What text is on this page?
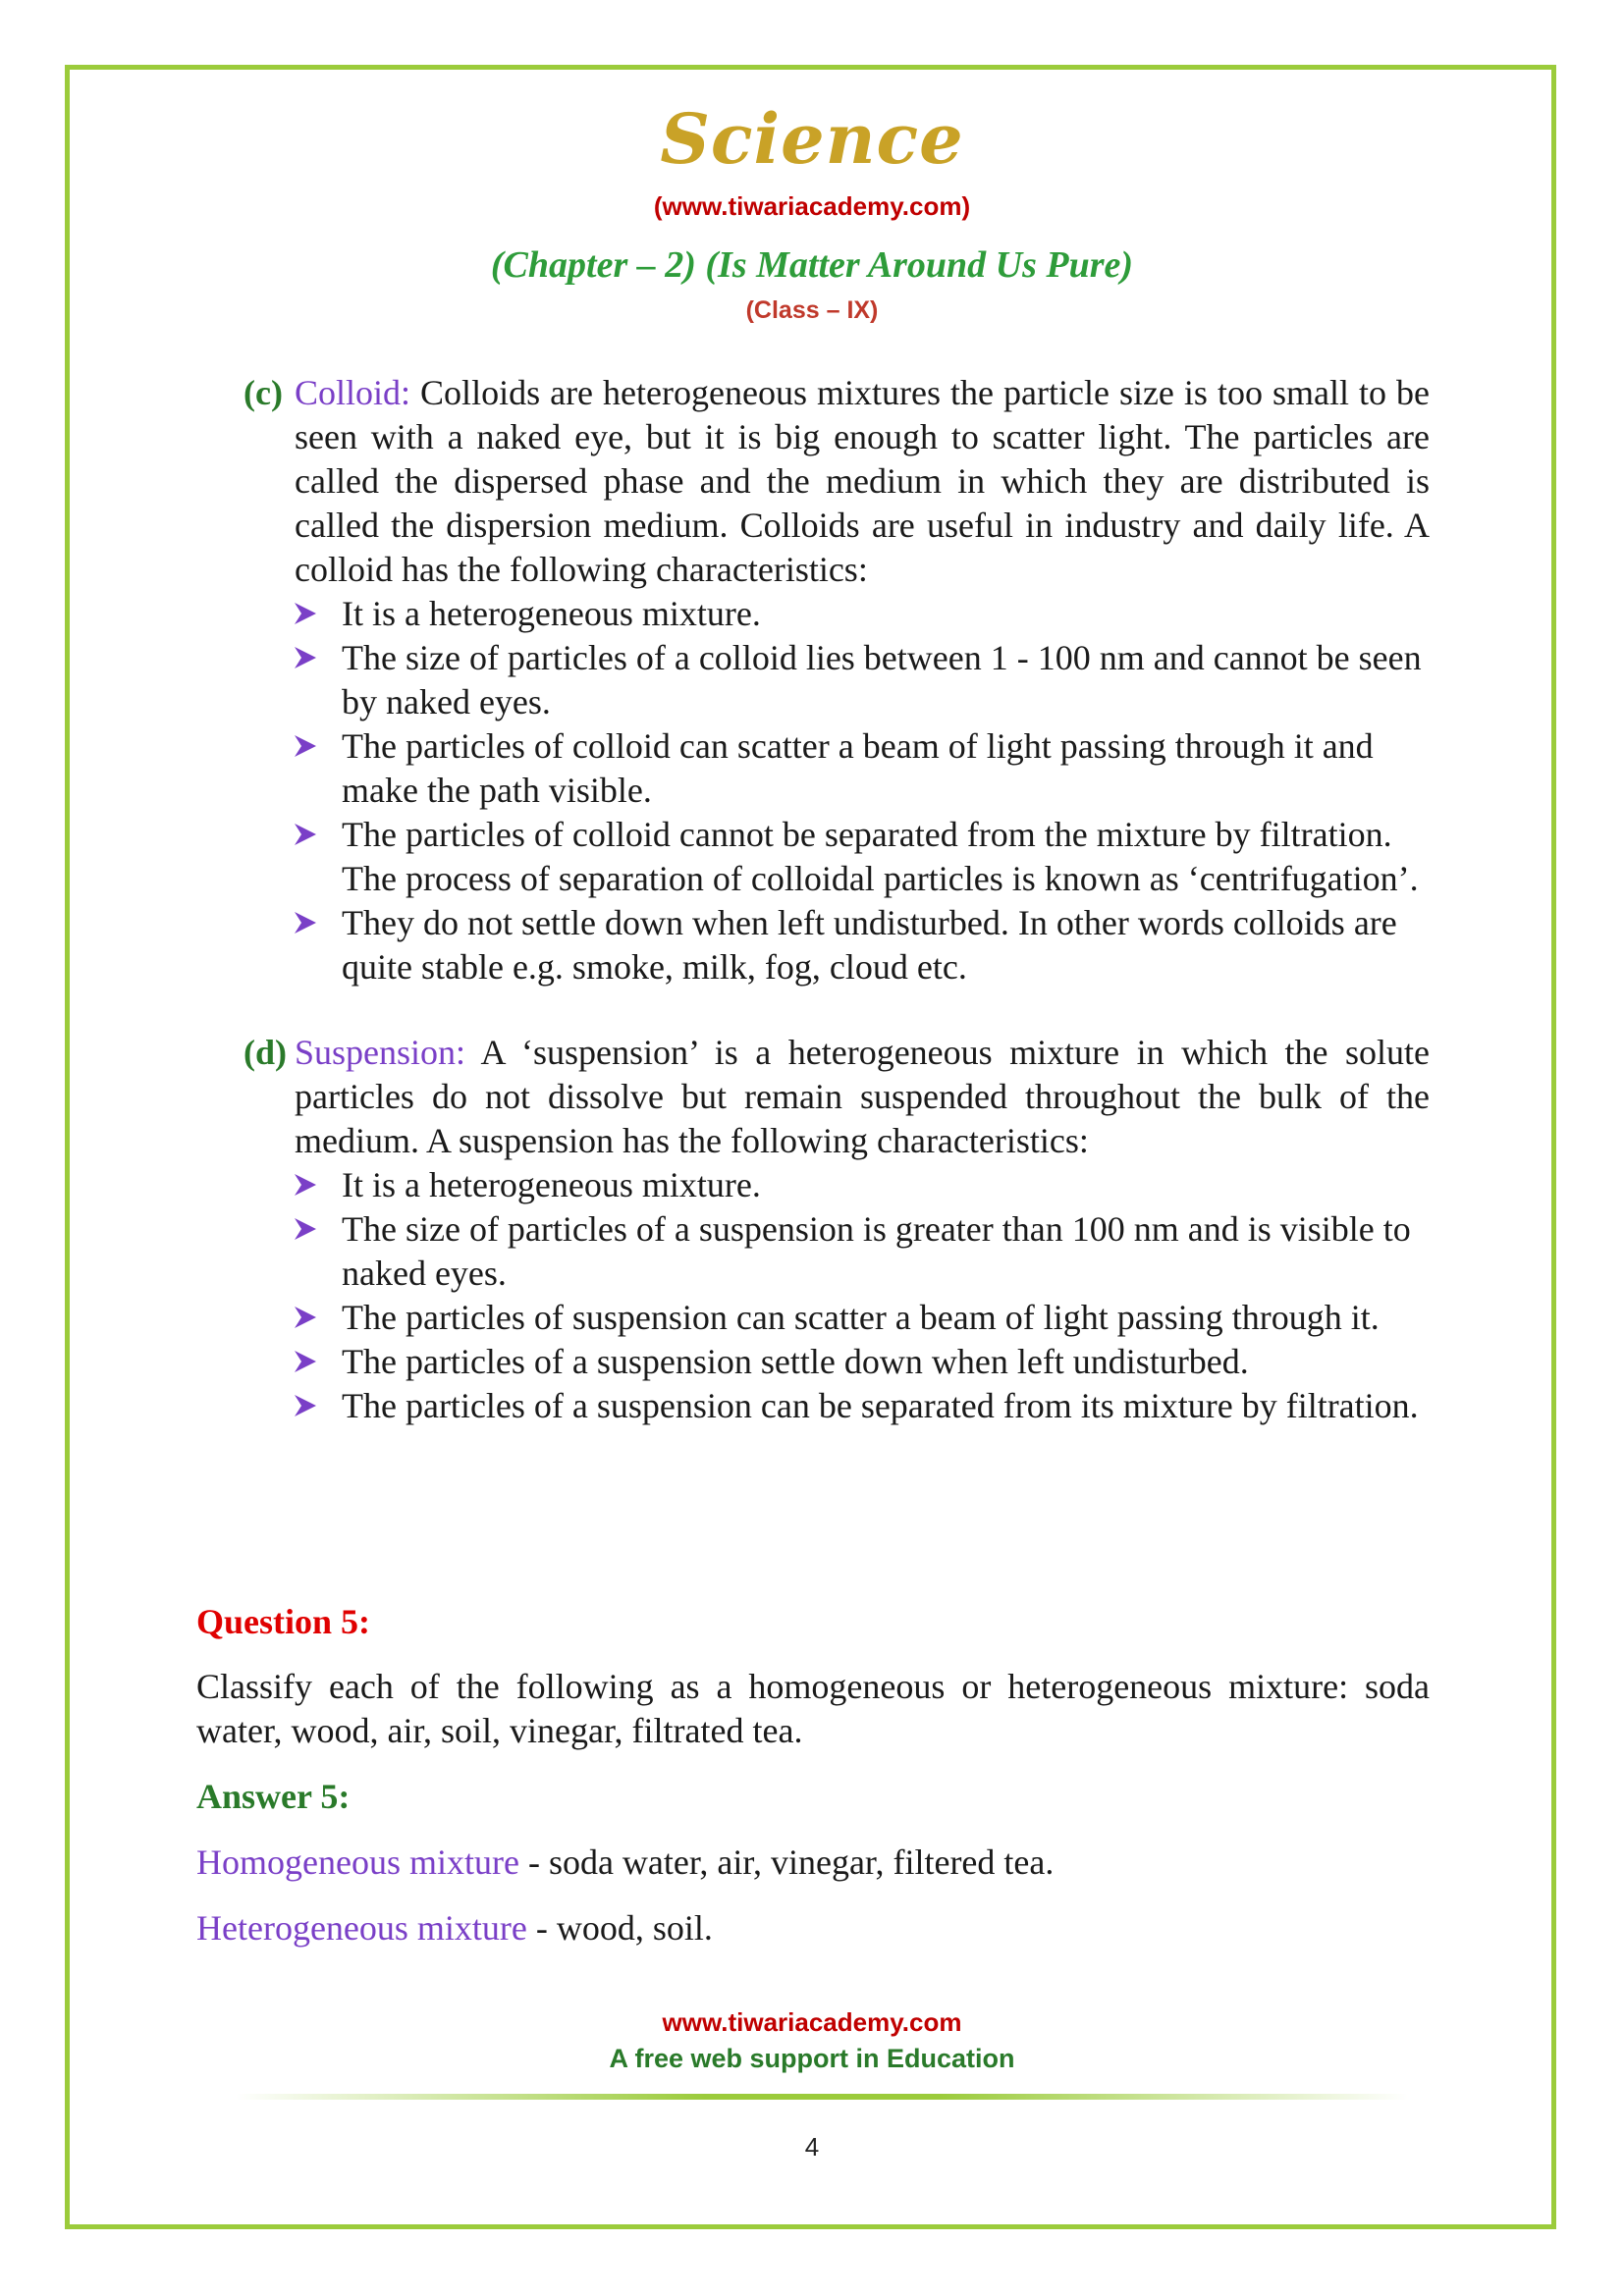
Science
(www.tiwariacademy.com)
(Chapter – 2) (Is Matter Around Us Pure)
(Class – IX)
(c) Colloid: Colloids are heterogeneous mixtures the particle size is too small to be seen with a naked eye, but it is big enough to scatter light. The particles are called the dispersed phase and the medium in which they are distributed is called the dispersion medium. Colloids are useful in industry and daily life. A colloid has the following characteristics:
It is a heterogeneous mixture.
The size of particles of a colloid lies between 1 - 100 nm and cannot be seen by naked eyes.
The particles of colloid can scatter a beam of light passing through it and make the path visible.
The particles of colloid cannot be separated from the mixture by filtration. The process of separation of colloidal particles is known as ‘centrifugation’.
They do not settle down when left undisturbed. In other words colloids are quite stable e.g. smoke, milk, fog, cloud etc.
(d) Suspension: A ‘suspension’ is a heterogeneous mixture in which the solute particles do not dissolve but remain suspended throughout the bulk of the medium. A suspension has the following characteristics:
It is a heterogeneous mixture.
The size of particles of a suspension is greater than 100 nm and is visible to naked eyes.
The particles of suspension can scatter a beam of light passing through it.
The particles of a suspension settle down when left undisturbed.
The particles of a suspension can be separated from its mixture by filtration.
Question 5:
Classify each of the following as a homogeneous or heterogeneous mixture: soda water, wood, air, soil, vinegar, filtrated tea.
Answer 5:
Homogeneous mixture - soda water, air, vinegar, filtered tea.
Heterogeneous mixture - wood, soil.
www.tiwariacademy.com
A free web support in Education
4
